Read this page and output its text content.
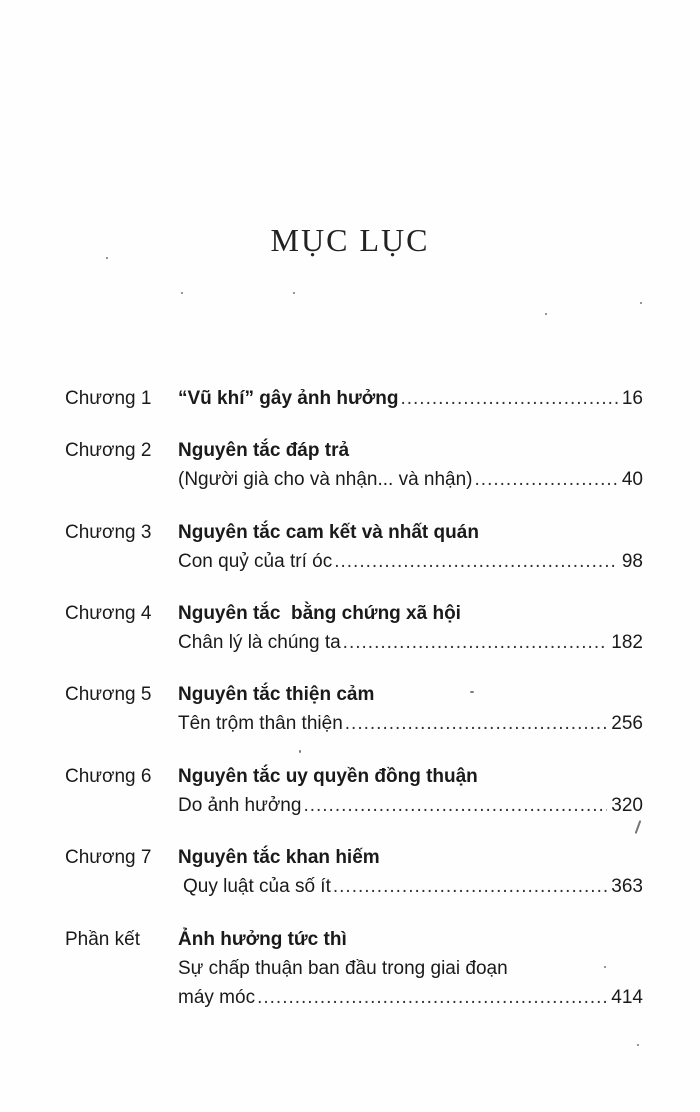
MỤC LỤC
Chương 1 “Vũ khí” gây ảnh hưởng .....	16
Chương 2 Nguyên tắc đáp trả
(Người già cho và nhận... và nhận) .....	40
Chương 3 Nguyên tắc cam kết và nhất quán
Con quỷ của trí óc .....	98
Chương 4 Nguyên tắc  bằng chứng xã hội
Chân lý là chúng ta .....	182
Chương 5 Nguyên tắc thiện cảm
Tên trộm thân thiện .....	256
Chương 6 Nguyên tắc uy quyền đồng thuận
Do ảnh hưởng .....	320
Chương 7 Nguyên tắc khan hiếm
Quy luật của số ít .....	363
Phần kết Ảnh hưởng tức thì
Sự chấp thuận ban đầu trong giai đoạn
máy móc .....	414
